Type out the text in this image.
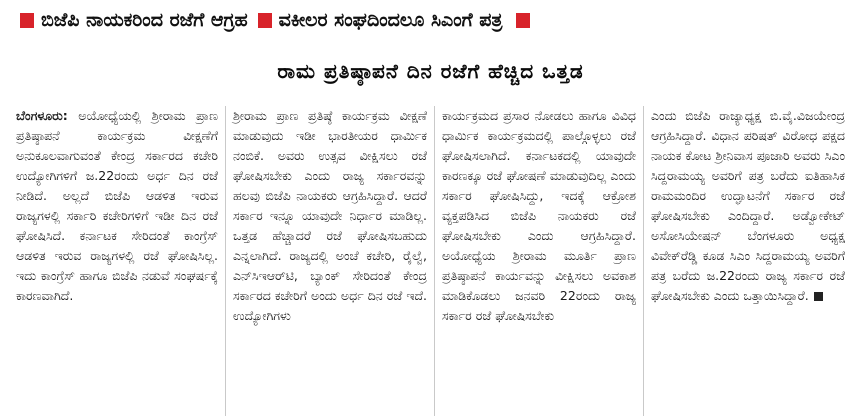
ಬಿಜೆಪಿ ನಾಯಕರಿಂದ ರಜೆಗೆ ಆಗ್ರಹ ವಕೀಲರ ಸಂಘದಿಂದಲೂ ಸಿಎಂಗೆ ಪತ್ರ
ರಾಮ ಪ್ರತಿಷ್ಠಾಪನೆ ದಿನ ರಜೆಗೆ ಹೆಚ್ಚಿದ ಒತ್ತಡ

ಬೆಂಗಳೂರು: ಅಯೋಧ್ಯೆಯಲ್ಲಿ ಶ್ರೀರಾಮ ಪ್ರಾಣ ಪ್ರತಿಷ್ಠಾಪನೆ ಕಾರ್ಯಕ್ರಮ ವೀಕ್ಷಣೆಗೆ ಅನುಕೂಲವಾಗುವಂತೆ ಕೇಂದ್ರ ಸರ್ಕಾರದ ಕಚೇರಿ ಉದ್ಯೋಗಿಗಳಿಗೆ ಜ.22ರಂದು ಅರ್ಧ ದಿನ ರಜೆ ನೀಡಿದೆ. ಅಲ್ಲದೆ ಬಿಜೆಪಿ ಆಡಳಿತ ಇರುವ ರಾಜ್ಯಗಳಲ್ಲಿ ಸರ್ಕಾರಿ ಕಚೇರಿಗಳಿಗೆ ಇಡೀ ದಿನ ರಜೆ ಘೋಷಿಸಿದೆ. ಕರ್ನಾಟಕ ಸೇರಿದಂತೆ ಕಾಂಗ್ರೆಸ್ ಆಡಳಿತ ಇರುವ ರಾಜ್ಯಗಳಲ್ಲಿ ರಜೆ ಘೋಷಿಸಿಲ್ಲ. ಇದು ಕಾಂಗ್ರೆಸ್ ಹಾಗೂ ಬಿಜೆಪಿ ನಡುವೆ ಸಂಘರ್ಷಕ್ಕೆ ಕಾರಣವಾಗಿದೆ.

ಶ್ರೀರಾಮ ಪ್ರಾಣ ಪ್ರತಿಷ್ಠೆ ಕಾರ್ಯಕ್ರಮ ವೀಕ್ಷಣೆ ಮಾಡುವುದು ಇಡೀ ಭಾರತೀಯರ ಧಾರ್ಮಿಕ ನಂಬಿಕೆ. ಅವರು ಉತ್ಸವ ವೀಕ್ಷಿಸಲು ರಜೆ ಘೋಷಿಸಬೇಕು ಎಂದು ರಾಜ್ಯ ಸರ್ಕಾರವನ್ನು ಹಲವು ಬಿಜೆಪಿ ನಾಯಕರು ಆಗ್ರಹಿಸಿದ್ದಾರೆ. ಆದರೆ ಸರ್ಕಾರ ಇನ್ನೂ ಯಾವುದೇ ನಿರ್ಧಾರ ಮಾಡಿಲ್ಲ. ಒತ್ತಡ ಹೆಚ್ಚಾದರೆ ರಜೆ ಘೋಷಿಸಬಹುದು ಎನ್ನಲಾಗಿದೆ. ರಾಜ್ಯದಲ್ಲಿ ಅಂಚೆ ಕಚೇರಿ, ರೈಲ್ವೆ, ಎನ್‌ಸಿಇಆರ್‌ಟಿ, ಬ್ಯಾಂಕ್ ಸೇರಿದಂತೆ ಕೇಂದ್ರ ಸರ್ಕಾರದ ಕಚೇರಿಗೆ ಅಂದು ಅರ್ಧ ದಿನ ರಜೆ ಇದೆ. ಉದ್ಯೋಗಿಗಳು

ಕಾರ್ಯಕ್ರಮದ ಪ್ರಸಾರ ನೋಡಲು ಹಾಗೂ ವಿವಿಧ ಧಾರ್ಮಿಕ ಕಾರ್ಯಕ್ರಮದಲ್ಲಿ ಪಾಲ್ಗೊಳ್ಳಲು ರಜೆ ಘೋಷಿಸಲಾಗಿದೆ. ಕರ್ನಾಟಕದಲ್ಲಿ ಯಾವುದೇ ಕಾರಣಕ್ಕೂ ರಜೆ ಘೋಷಣೆ ಮಾಡುವುದಿಲ್ಲ ಎಂದು ಸರ್ಕಾರ ಘೋಷಿಸಿದ್ದು, ಇದಕ್ಕೆ ಆಕ್ರೋಶ ವ್ಯಕ್ತಪಡಿಸಿದ ಬಿಜೆಪಿ ನಾಯಕರು ರಜೆ ಘೋಷಿಸಬೇಕು ಎಂದು ಆಗ್ರಹಿಸಿದ್ದಾರೆ. ಅಯೋಧ್ಯೆಯ ಶ್ರೀರಾಮ ಮೂರ್ತಿ ಪ್ರಾಣ ಪ್ರತಿಷ್ಠಾಪನೆ ಕಾರ್ಯವನ್ನು ವೀಕ್ಷಿಸಲು ಅವಕಾಶ ಮಾಡಿಕೊಡಲು ಜನವರಿ 22ರಂದು ರಾಜ್ಯ ಸರ್ಕಾರ ರಜೆ ಘೋಷಿಸಬೇಕು

ಎಂದು ಬಿಜೆಪಿ ರಾಜ್ಯಾಧ್ಯಕ್ಷ ಬಿ.ವೈ.ವಿಜಯೇಂದ್ರ ಆಗ್ರಹಿಸಿದ್ದಾರೆ. ವಿಧಾನ ಪರಿಷತ್ ವಿರೋಧ ಪಕ್ಷದ ನಾಯಕ ಕೋಟ ಶ್ರೀನಿವಾಸ ಪೂಜಾರಿ ಅವರು ಸಿಎಂ ಸಿದ್ದರಾಮಯ್ಯ ಅವರಿಗೆ ಪತ್ರ ಬರೆದು ಐತಿಹಾಸಿಕ ರಾಮಮಂದಿರ ಉದ್ಘಾಟನೆಗೆ ಸರ್ಕಾರ ರಜೆ ಘೋಷಿಸಬೇಕು ಎಂದಿದ್ದಾರೆ. ಅಡ್ವೋಕೇಟ್ ಅಸೋಸಿಯೇಷನ್ ಬೆಂಗಳೂರು ಅಧ್ಯಕ್ಷ ವಿವೇಕ್‌ರೆಡ್ಡಿ ಕೂಡ ಸಿಎಂ ಸಿದ್ದರಾಮಯ್ಯ ಅವರಿಗೆ ಪತ್ರ ಬರೆದು ಜ.22ರಂದು ರಾಜ್ಯ ಸರ್ಕಾರ ರಜೆ ಘೋಷಿಸಬೇಕು ಎಂದು ಒತ್ತಾಯಿಸಿದ್ದಾರೆ.
